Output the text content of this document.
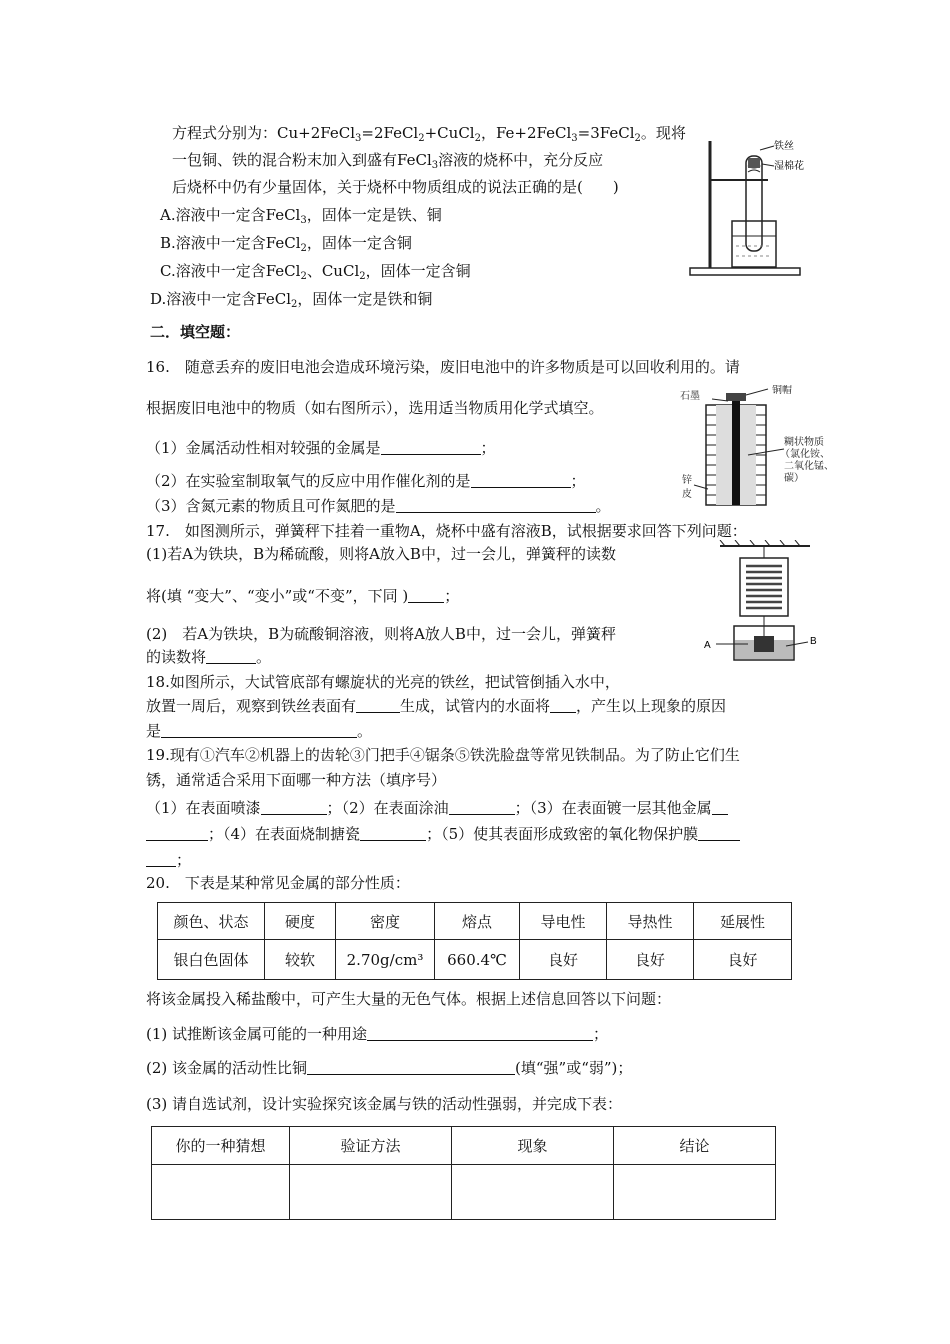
方程式分别为：Cu+2FeCl$_3$=2FeCl$_2$+CuCl$_2$，Fe+2FeCl$_3$=3FeCl$_2$。现将
一包铜、铁的混合粉末加入到盛有FeCl$_3$溶液的烧杯中，充分反应
后烧杯中仍有少量固体，关于烧杯中物质组成的说法正确的是(　　)
A.溶液中一定含FeCl$_3$，固体一定是铁、铜
B.溶液中一定含FeCl$_2$，固体一定含铜
C.溶液中一定含FeCl$_2$、CuCl$_2$，固体一定含铜
D.溶液中一定含FeCl$_2$，固体一定是铁和铜
铁丝
湿棉花
二．填空题：
16.　随意丢弃的废旧电池会造成环境污染，废旧电池中的许多物质是可以回收利用的。请
根据废旧电池中的物质（如右图所示），选用适当物质用化学式填空。
（1）金属活动性相对较强的金属是	；
（2）在实验室制取氧气的反应中用作催化剂的是	；
（3）含氮元素的物质且可作氮肥的是	。
石墨
铜帽
糊状物质
（氯化铵、
二氧化锰、
碳）
锌
皮
17.　如图测所示，弹簧秤下挂着一重物A，烧杯中盛有溶液B，试根据要求回答下列问题：
(1)若A为铁块，B为稀硫酸，则将A放入B中，过一会儿，弹簧秤的读数
将(填 “变大”、“变小”或“不变”，下同 ) ；
(2)　若A为铁块，B为硫酸铜溶液，则将A放人B中，过一会儿，弹簧秤
的读数将	。
A	B
18.如图所示，大试管底部有螺旋状的光亮的铁丝，把试管倒插入水中，
放置一周后，观察到铁丝表面有	生成，试管内的水面将 ，产生以上现象的原因
是	。
19.现有①汽车②机器上的齿轮③门把手④锯条⑤铁洗脸盘等常见铁制品。为了防止它们生
锈，通常适合采用下面哪一种方法（填序号）
（1）在表面喷漆	；（2）在表面涂油	；（3）在表面镀一层其他金属
；（4）在表面烧制搪瓷	；（5）使其表面形成致密的氧化物保护膜
；
20.　下表是某种常见金属的部分性质：
颜色、状态	硬度	密度	熔点	导电性	导热性	延展性
银白色固体	较软	2.70g/cm³	660.4℃	良好	良好	良好
将该金属投入稀盐酸中，可产生大量的无色气体。根据上述信息回答以下问题：
(1) 试推断该金属可能的一种用途	；
(2) 该金属的活动性比铜	(填“强”或“弱”)；
(3) 请自选试剂，设计实验探究该金属与铁的活动性强弱，并完成下表：
你的一种猜想	验证方法	现象	结论
